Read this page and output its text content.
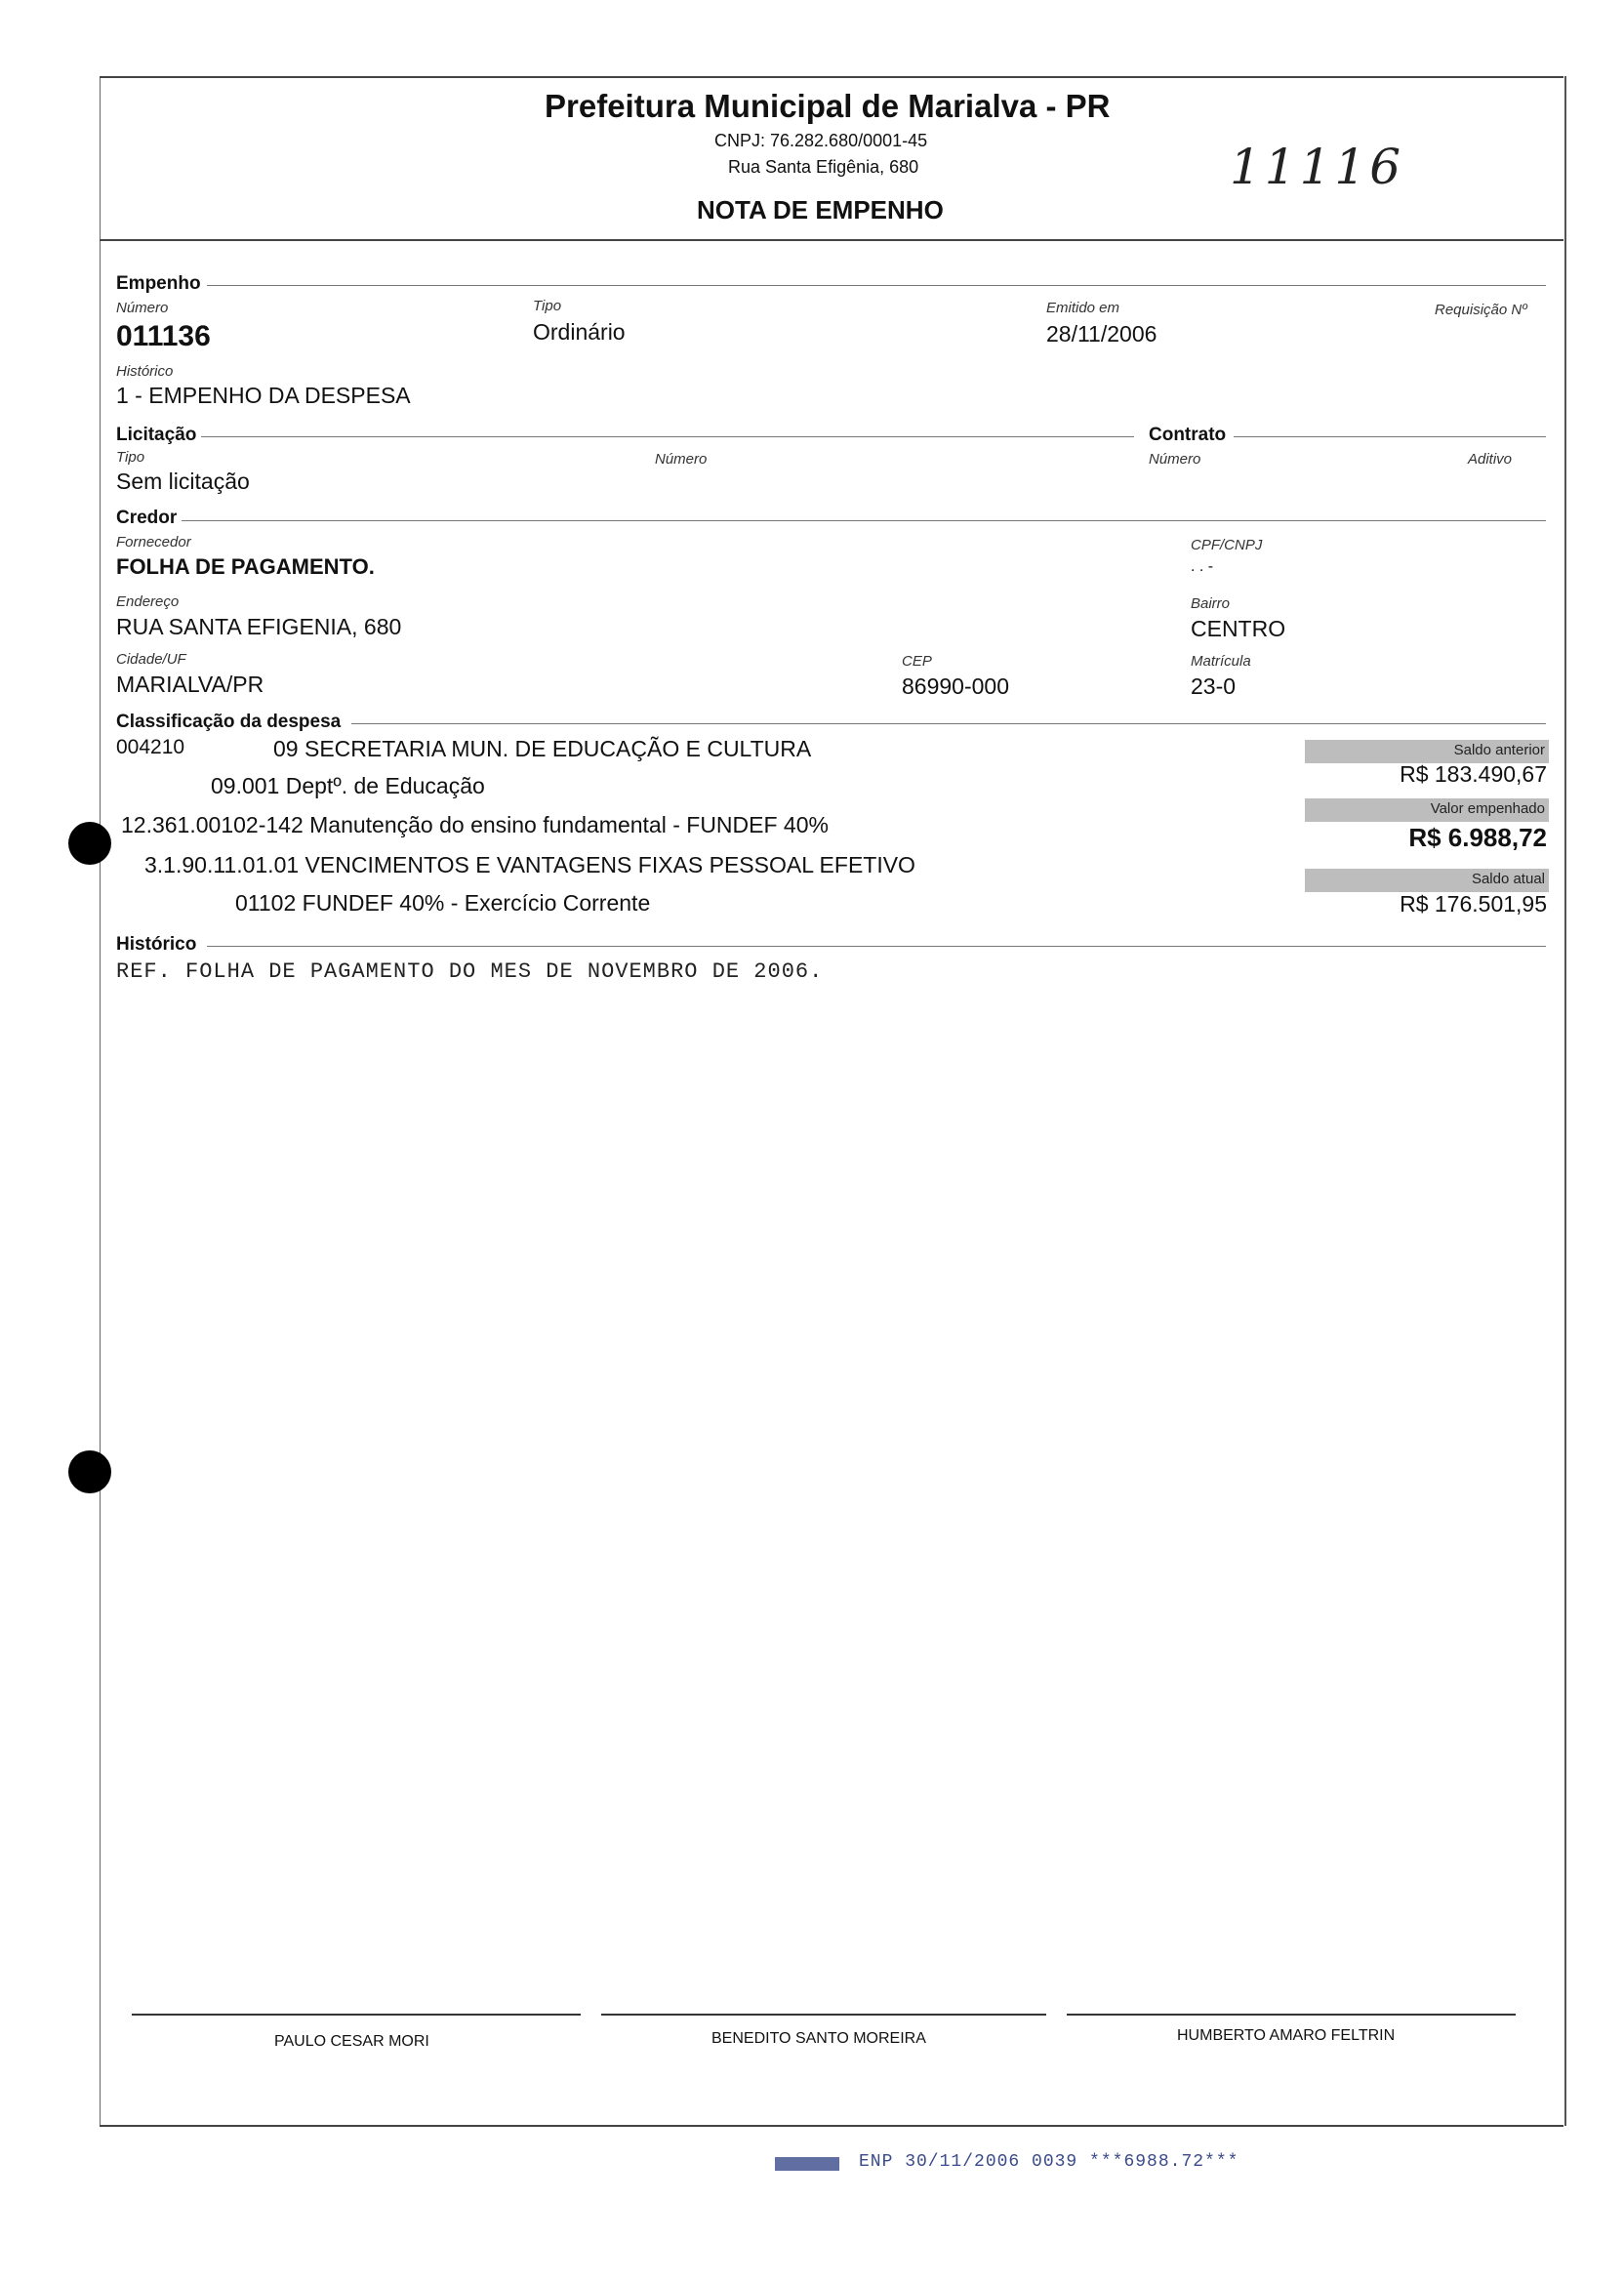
Prefeitura Municipal de Marialva - PR
CNPJ: 76.282.680/0001-45
Rua Santa Efigênia, 680
NOTA DE EMPENHO
11116
Empenho
Número
011136
Tipo
Ordinário
Emitido em
28/11/2006
Requisição Nº
Histórico
1 - EMPENHO DA DESPESA
Licitação	Contrato
Tipo
Sem licitação
Número	Número	Aditivo
Credor
Fornecedor
FOLHA DE PAGAMENTO.
CPF/CNPJ
. . -
Endereço
RUA SANTA EFIGENIA, 680
Bairro
CENTRO
Cidade/UF
MARIALVA/PR
CEP
86990-000
Matrícula
23-0
Classificação da despesa
004210	09 SECRETARIA MUN. DE EDUCAÇÃO E CULTURA
09.001 Deptº. de Educação
12.361.00102-142 Manutenção do ensino fundamental - FUNDEF 40%
3.1.90.11.01.01 VENCIMENTOS E VANTAGENS FIXAS PESSOAL EFETIVO
01102 FUNDEF 40% - Exercício Corrente
Saldo anterior
R$ 183.490,67
Valor empenhado
R$ 6.988,72
Saldo atual
R$ 176.501,95
Histórico
REF. FOLHA DE PAGAMENTO DO MES DE NOVEMBRO DE 2006.
PAULO CESAR MORI	BENEDITO SANTO MOREIRA	HUMBERTO AMARO FELTRIN
ENP 30/11/2006 0039 ***6988.72***
